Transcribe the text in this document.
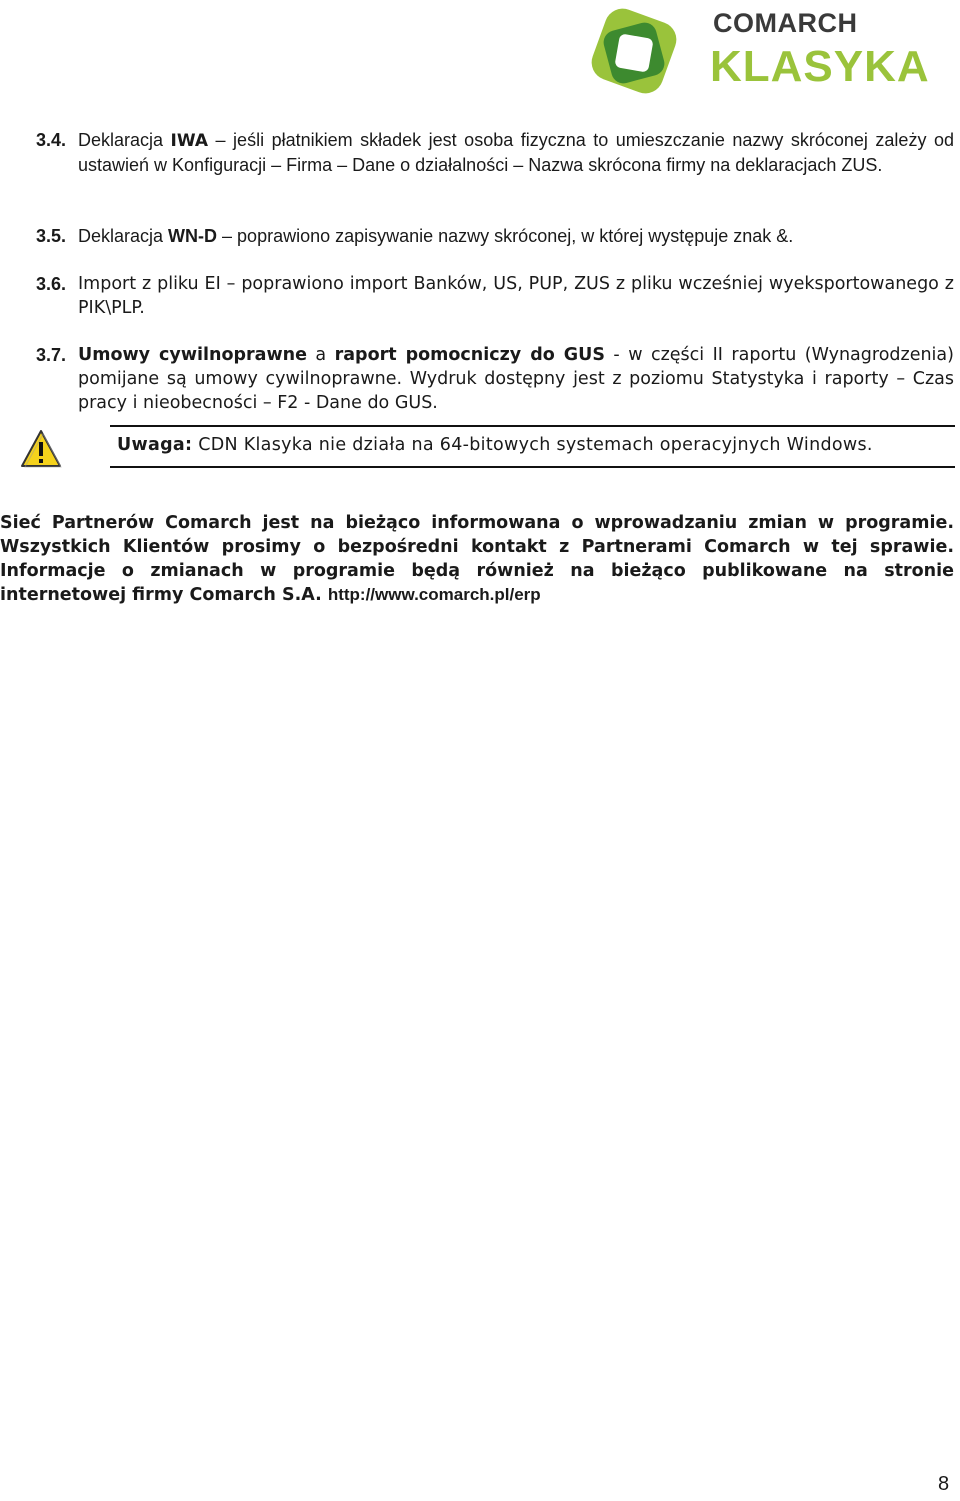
COMARCH
KLASYKA
3.4. Deklaracja IWA – jeśli płatnikiem składek jest osoba fizyczna to umieszczanie nazwy skróconej zależy od ustawień w Konfiguracji – Firma – Dane o działalności – Nazwa skrócona firmy na deklaracjach ZUS.
3.5. Deklaracja WN-D – poprawiono zapisywanie nazwy skróconej, w której występuje znak &.
3.6. Import z pliku EI – poprawiono import Banków, US, PUP, ZUS z pliku wcześniej wyeksportowanego z PIK\PLP.
3.7. Umowy cywilnoprawne a raport pomocniczy do GUS - w części II raportu (Wynagrodzenia) pomijane są umowy cywilnoprawne. Wydruk dostępny jest z poziomu Statystyka i raporty – Czas pracy i nieobecności – F2 - Dane do GUS.
Uwaga: CDN Klasyka nie działa na 64-bitowych systemach operacyjnych Windows.
Sieć Partnerów Comarch jest na bieżąco informowana o wprowadzaniu zmian w programie. Wszystkich Klientów prosimy o bezpośredni kontakt z Partnerami Comarch w tej sprawie. Informacje o zmianach w programie będą również na bieżąco publikowane na stronie internetowej firmy Comarch S.A. http://www.comarch.pl/erp
8
